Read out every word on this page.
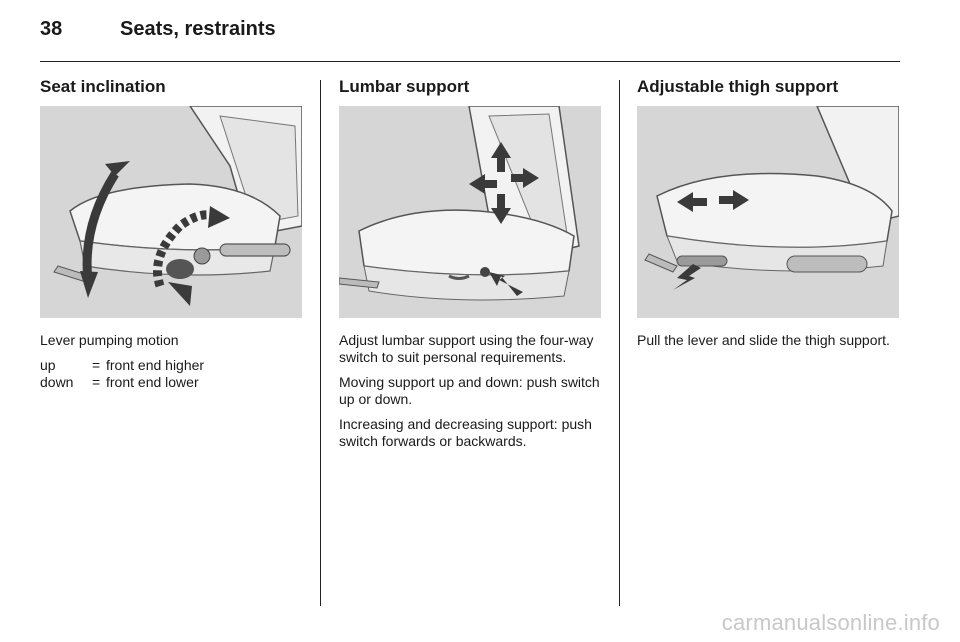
38	Seats, restraints
Seat inclination

Lever pumping motion

up	= front end higher
down	= front end lower
Lumbar support

Adjust lumbar support using the four-way switch to suit personal requirements.

Moving support up and down: push switch up or down.

Increasing and decreasing support: push switch forwards or backwards.

Adjustable thigh support

Pull the lever and slide the thigh support.

carmanualsonline.info
